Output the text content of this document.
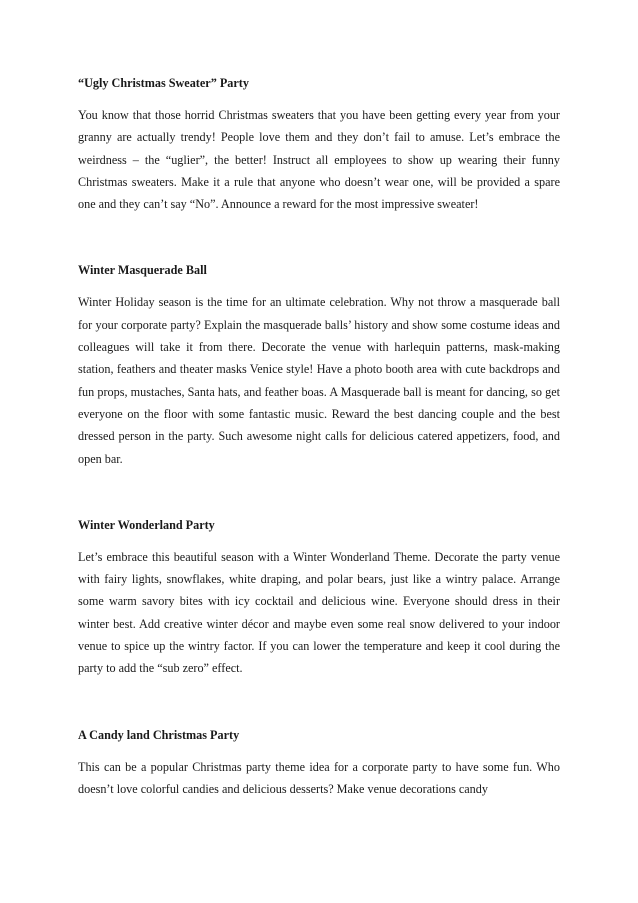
“Ugly Christmas Sweater” Party

You know that those horrid Christmas sweaters that you have been getting every year from your granny are actually trendy! People love them and they don’t fail to amuse. Let’s embrace the weirdness – the “uglier”, the better! Instruct all employees to show up wearing their funny Christmas sweaters. Make it a rule that anyone who doesn’t wear one, will be provided a spare one and they can’t say “No”. Announce a reward for the most impressive sweater!

Winter Masquerade Ball

Winter Holiday season is the time for an ultimate celebration. Why not throw a masquerade ball for your corporate party? Explain the masquerade balls’ history and show some costume ideas and colleagues will take it from there. Decorate the venue with harlequin patterns, mask-making station, feathers and theater masks Venice style! Have a photo booth area with cute backdrops and fun props, mustaches, Santa hats, and feather boas. A Masquerade ball is meant for dancing, so get everyone on the floor with some fantastic music. Reward the best dancing couple and the best dressed person in the party. Such awesome night calls for delicious catered appetizers, food, and open bar.

Winter Wonderland Party

Let’s embrace this beautiful season with a Winter Wonderland Theme. Decorate the party venue with fairy lights, snowflakes, white draping, and polar bears, just like a wintry palace. Arrange some warm savory bites with icy cocktail and delicious wine. Everyone should dress in their winter best. Add creative winter décor and maybe even some real snow delivered to your indoor venue to spice up the wintry factor. If you can lower the temperature and keep it cool during the party to add the “sub zero” effect.

A Candy land Christmas Party

This can be a popular Christmas party theme idea for a corporate party to have some fun. Who doesn’t love colorful candies and delicious desserts? Make venue decorations candy
